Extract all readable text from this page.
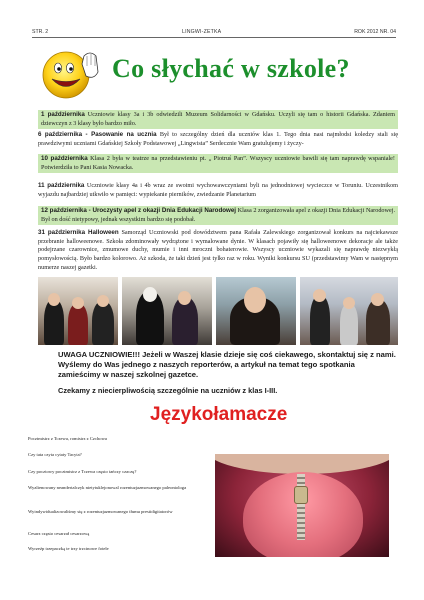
STR. 2	LINGWI-ZETKA	ROK 2012 NR. 04
Co słychać w szkole?
1 października Uczniowie klasy 3a i 3b odwiedzili Muzeum Solidarności w Gdańsku. Uczyli się tam o historii Gdańska. Zdaniem dziewczyn z 3 klasy było bardzo miło.
6 października - Pasowanie na ucznia Był to szczególny dzień dla uczniów klas 1. Tego dnia nasi najmłodsi koledzy stali się prawdziwymi uczniami Gdańskiej Szkoły Podstawowej „Lingwista” Serdecznie Wam gratulujemy i życzy-
10 października Klasa 2 była w teatrze na przedstawieniu pt. „ Piotruś Pan”. Wszyscy uczniowie bawili się tam naprawdę wspaniale! Potwierdziła to Pani Kasia Nowacka.
11 października Uczniowie klasy 4a i 4b wraz ze swoimi wychowawczyniami byli na jednodniowej wycieczce w Toruniu. Uczestnikom wyjazdu najbardziej utkwiło w pamięci: wypiekanie pierników, zwiedzanie Planetarium
12 października - Uroczysty apel z okazji Dnia Edukacji Narodowej Klasa 2 zorganizowała apel z okazji Dnia Edukacji Narodowej. Był on dość nietypowy, jednak wszystkim bardzo się podobał.
31 października Halloween Samorząd Uczniowski pod dowództwem pana Rafała Zalewskiego zorganizował konkurs na najciekawsze przebranie halloweenowe. Szkoła zdominowały wydrążone i wymalowane dynie. W klasach pojawiły się halloweenowe dekoracje ale także podejrzane czarownice, zmumowe duchy, mumie i inni mroczni bohaterowie. Wszyscy uczniowie wykazali się naprawdę niezwykłą pomysłowością. Było bardzo kolorowo. Aż szkoda, że taki dzień jest tylko raz w roku. Wyniki konkursu SU (przedstawimy Wam w następnym numerze naszej gazetki.
UWAGA UCZNIOWIE!!! Jeżeli w Waszej klasie dzieje się coś ciekawego, skontaktuj się z nami. Wyślemy do Was jednego z naszych reporterów, a artykuł na temat tego spotkania zamieścimy w naszej szkolnej gazetce.
Czekamy z niecierpliwością szczególnie na uczniów z klas I-III.
Językołamacze
Pocztmistrz z Tczewa, romistrz z Czchowa
Czy tata czyta cytaty Tacyta?
Czy pocztowy pocztmistrz z Tczewa często tańczy czaczę?
Wyalienowany neandertalczyk nietytuklejonowal rozentuzjazmowanego paleontologa
Wyindywidualizowaliśmy się z rozentuzjazmowanego tłumu prestidigitatorów
Cesarz często cesarzał cesarzową
Wyrzeźp trzepaczką te trzy trzcinowe fotele
